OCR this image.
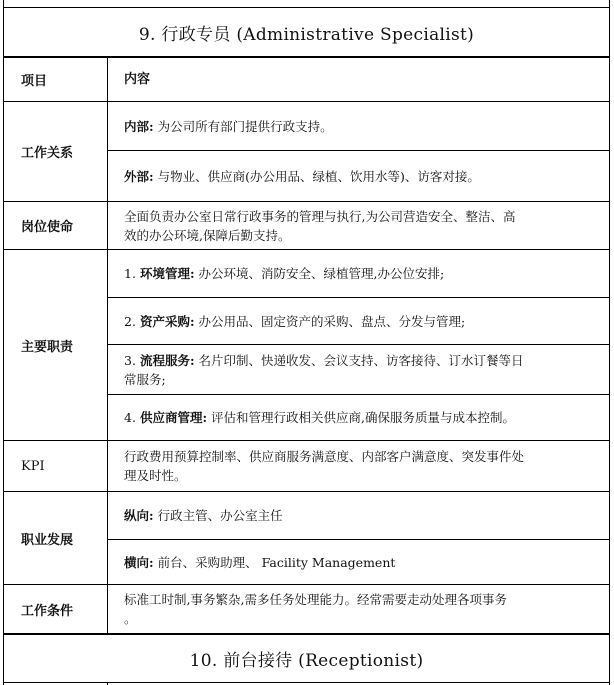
9. 行政专员 (Administrative Specialist)
项目	内容
工作关系
内部: 为公司所有部门提供行政支持。
外部: 与物业、供应商(办公用品、绿植、饮用水等)、访客对接。
岗位使命
全面负责办公室日常行政事务的管理与执行,为公司营造安全、整洁、高
效的办公环境,保障后勤支持。
主要职责
1. 环境管理: 办公环境、消防安全、绿植管理,办公位安排;
2. 资产采购: 办公用品、固定资产的采购、盘点、分发与管理;
3. 流程服务: 名片印制、快递收发、会议支持、访客接待、订水订餐等日
常服务;
4. 供应商管理: 评估和管理行政相关供应商,确保服务质量与成本控制。
KPI
行政费用预算控制率、供应商服务满意度、内部客户满意度、突发事件处
理及时性。
职业发展
纵向: 行政主管、办公室主任
横向: 前台、采购助理、 Facility Management
工作条件
标准工时制,事务繁杂,需多任务处理能力。经常需要走动处理各项事务
。
10. 前台接待 (Receptionist)
